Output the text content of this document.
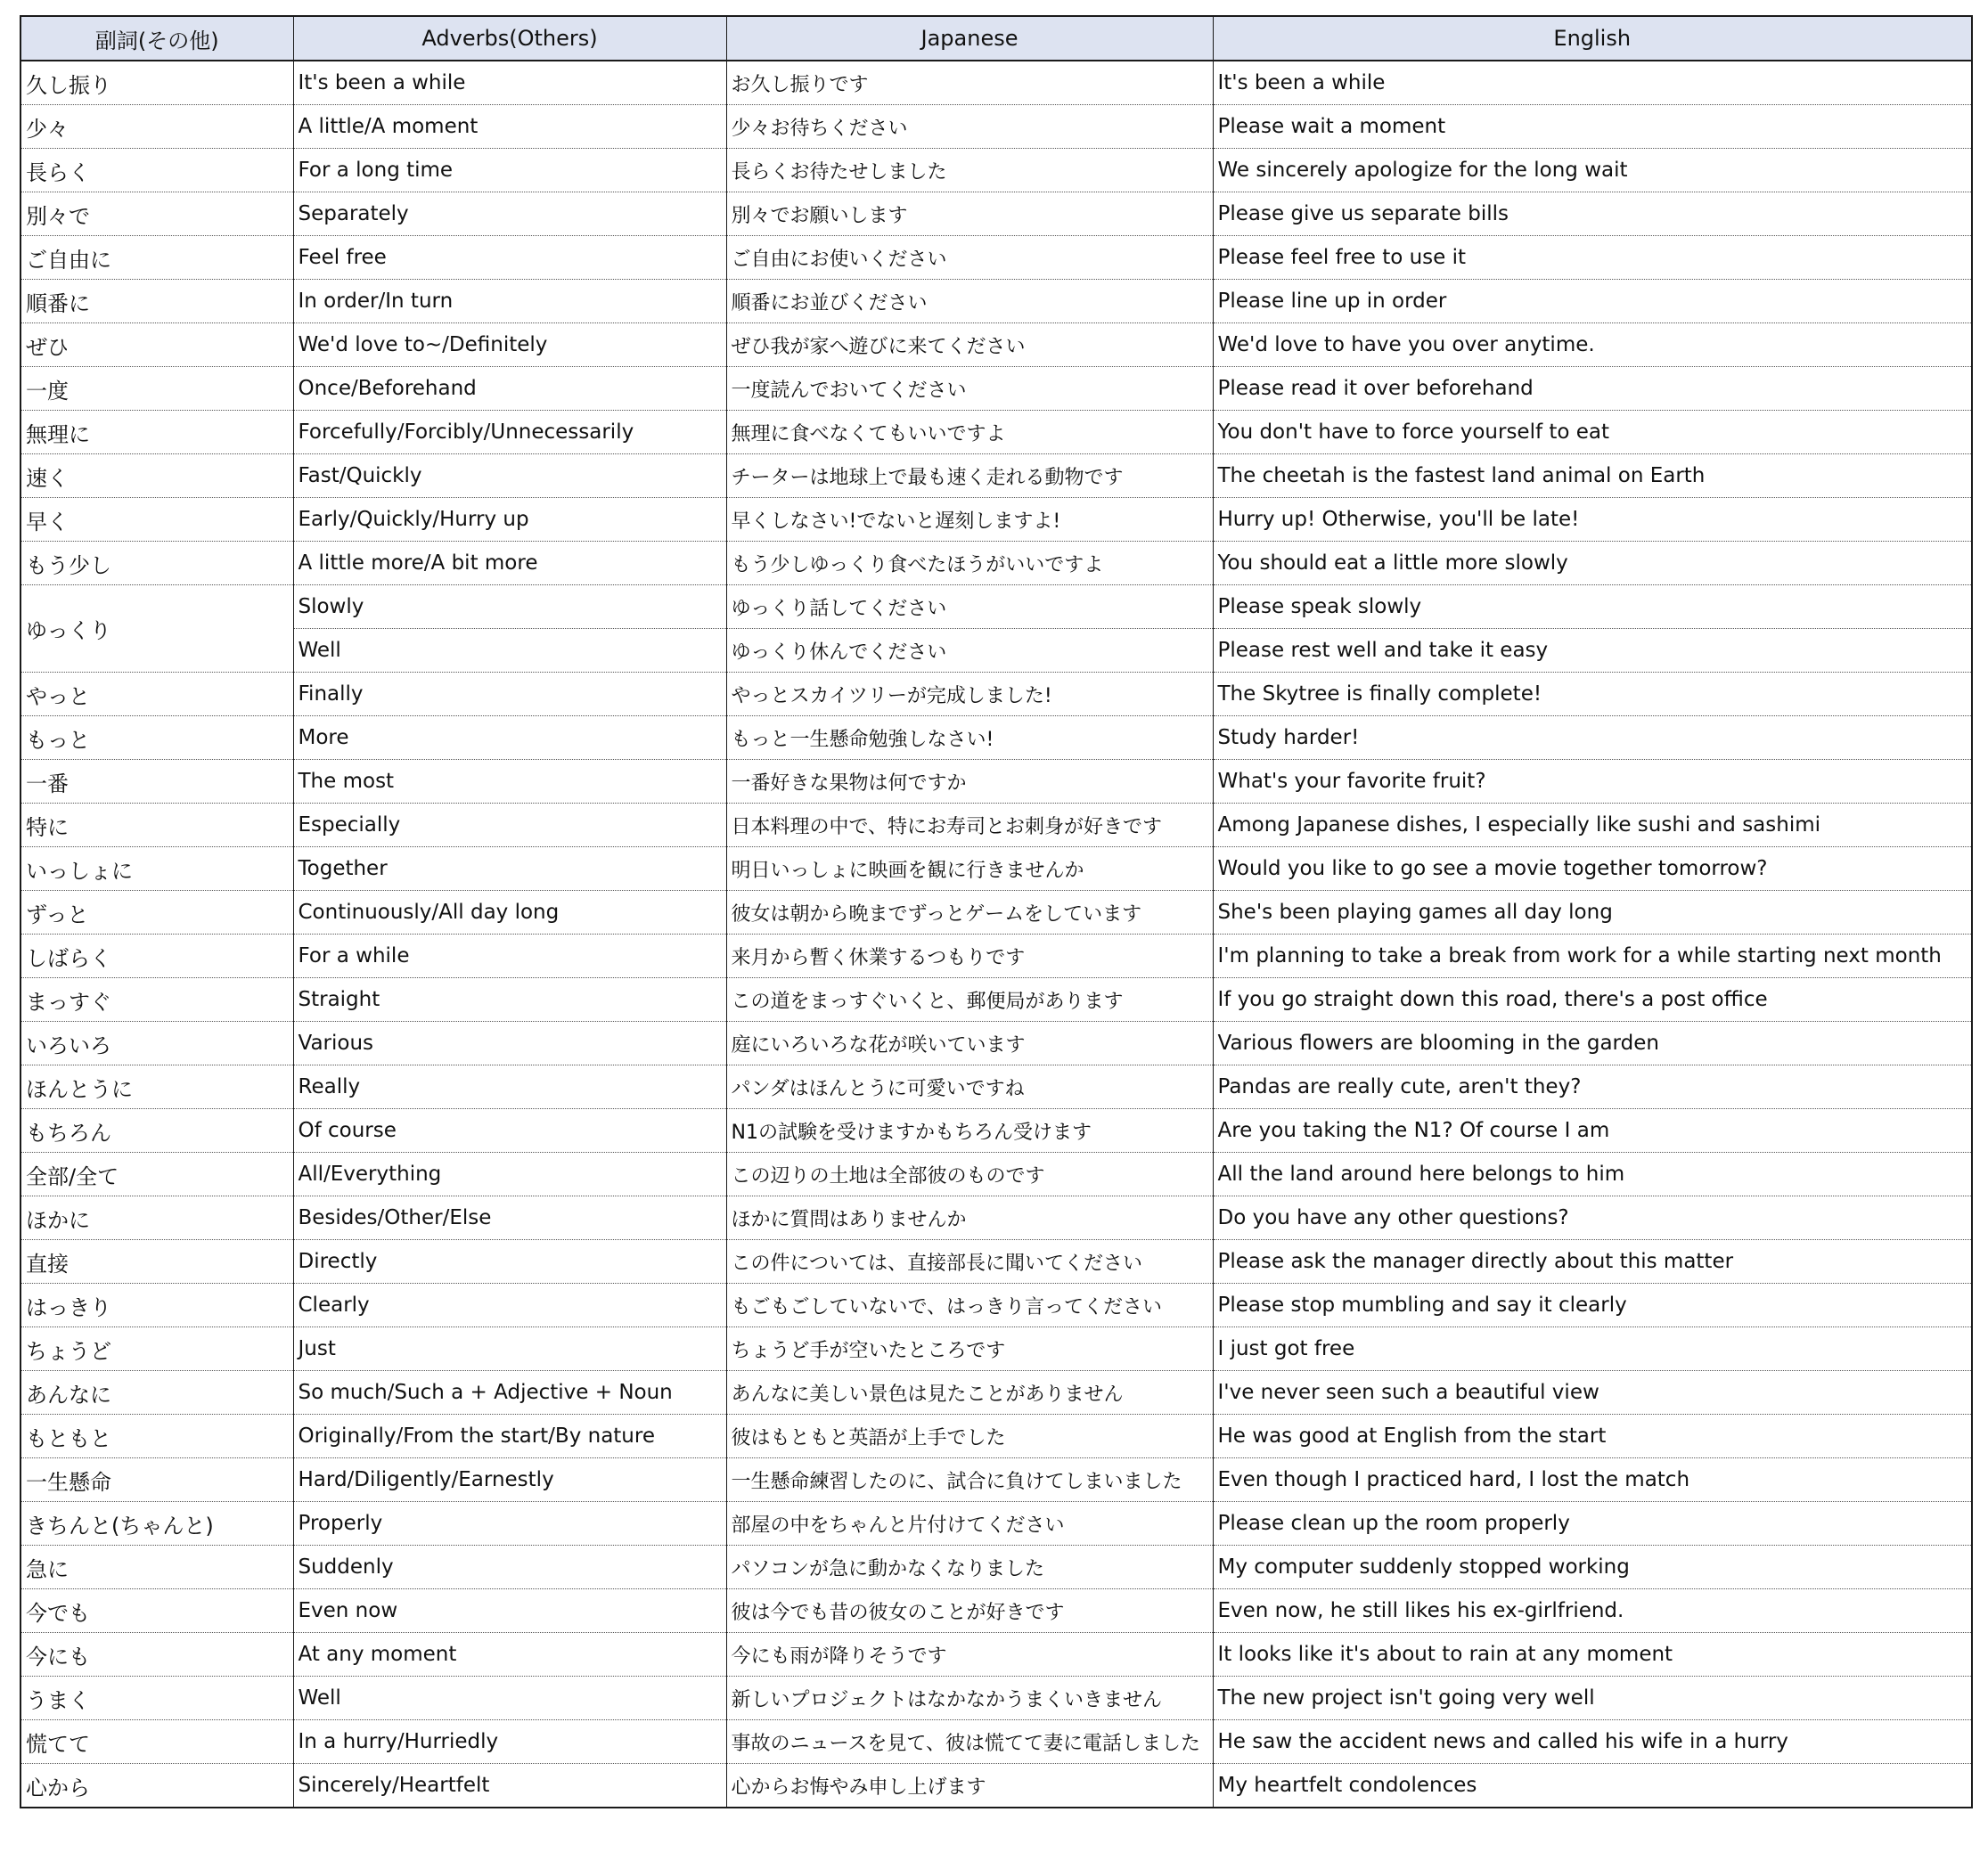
副詞(その他)	Adverbs(Others)	Japanese	English
久し振り	It's been a while	お久し振りです	It's been a while
少々	A little/A moment	少々お待ちください	Please wait a moment
長らく	For a long time	長らくお待たせしました	We sincerely apologize for the long wait
別々で	Separately	別々でお願いします	Please give us separate bills
ご自由に	Feel free	ご自由にお使いください	Please feel free to use it
順番に	In order/In turn	順番にお並びください	Please line up in order
ぜひ	We'd love to~/Definitely	ぜひ我が家へ遊びに来てください	We'd love to have you over anytime.
一度	Once/Beforehand	一度読んでおいてください	Please read it over beforehand
無理に	Forcefully/Forcibly/Unnecessarily	無理に食べなくてもいいですよ	You don't have to force yourself to eat
速く	Fast/Quickly	チーターは地球上で最も速く走れる動物です	The cheetah is the fastest land animal on Earth
早く	Early/Quickly/Hurry up	早くしなさい!でないと遅刻しますよ!	Hurry up! Otherwise, you'll be late!
もう少し	A little more/A bit more	もう少しゆっくり食べたほうがいいですよ	You should eat a little more slowly
ゆっくり	Slowly	ゆっくり話してください	Please speak slowly
	Well	ゆっくり休んでください	Please rest well and take it easy
やっと	Finally	やっとスカイツリーが完成しました!	The Skytree is finally complete!
もっと	More	もっと一生懸命勉強しなさい!	Study harder!
一番	The most	一番好きな果物は何ですか	What's your favorite fruit?
特に	Especially	日本料理の中で、特にお寿司とお刺身が好きです	Among Japanese dishes, I especially like sushi and sashimi
いっしょに	Together	明日いっしょに映画を観に行きませんか	Would you like to go see a movie together tomorrow?
ずっと	Continuously/All day long	彼女は朝から晩までずっとゲームをしています	She's been playing games all day long
しばらく	For a while	来月から暫く休業するつもりです	I'm planning to take a break from work for a while starting next month
まっすぐ	Straight	この道をまっすぐいくと、郵便局があります	If you go straight down this road, there's a post office
いろいろ	Various	庭にいろいろな花が咲いています	Various flowers are blooming in the garden
ほんとうに	Really	パンダはほんとうに可愛いですね	Pandas are really cute, aren't they?
もちろん	Of course	N1の試験を受けますかもちろん受けます	Are you taking the N1? Of course I am
全部/全て	All/Everything	この辺りの土地は全部彼のものです	All the land around here belongs to him
ほかに	Besides/Other/Else	ほかに質問はありませんか	Do you have any other questions?
直接	Directly	この件については、直接部長に聞いてください	Please ask the manager directly about this matter
はっきり	Clearly	もごもごしていないで、はっきり言ってください	Please stop mumbling and say it clearly
ちょうど	Just	ちょうど手が空いたところです	I just got free
あんなに	So much/Such a + Adjective + Noun	あんなに美しい景色は見たことがありません	I've never seen such a beautiful view
もともと	Originally/From the start/By nature	彼はもともと英語が上手でした	He was good at English from the start
一生懸命	Hard/Diligently/Earnestly	一生懸命練習したのに、試合に負けてしまいました	Even though I practiced hard, I lost the match
きちんと(ちゃんと)	Properly	部屋の中をちゃんと片付けてください	Please clean up the room properly
急に	Suddenly	パソコンが急に動かなくなりました	My computer suddenly stopped working
今でも	Even now	彼は今でも昔の彼女のことが好きです	Even now, he still likes his ex-girlfriend.
今にも	At any moment	今にも雨が降りそうです	It looks like it's about to rain at any moment
うまく	Well	新しいプロジェクトはなかなかうまくいきません	The new project isn't going very well
慌てて	In a hurry/Hurriedly	事故のニュースを見て、彼は慌てて妻に電話しました	He saw the accident news and called his wife in a hurry
心から	Sincerely/Heartfelt	心からお悔やみ申し上げます	My heartfelt condolences
